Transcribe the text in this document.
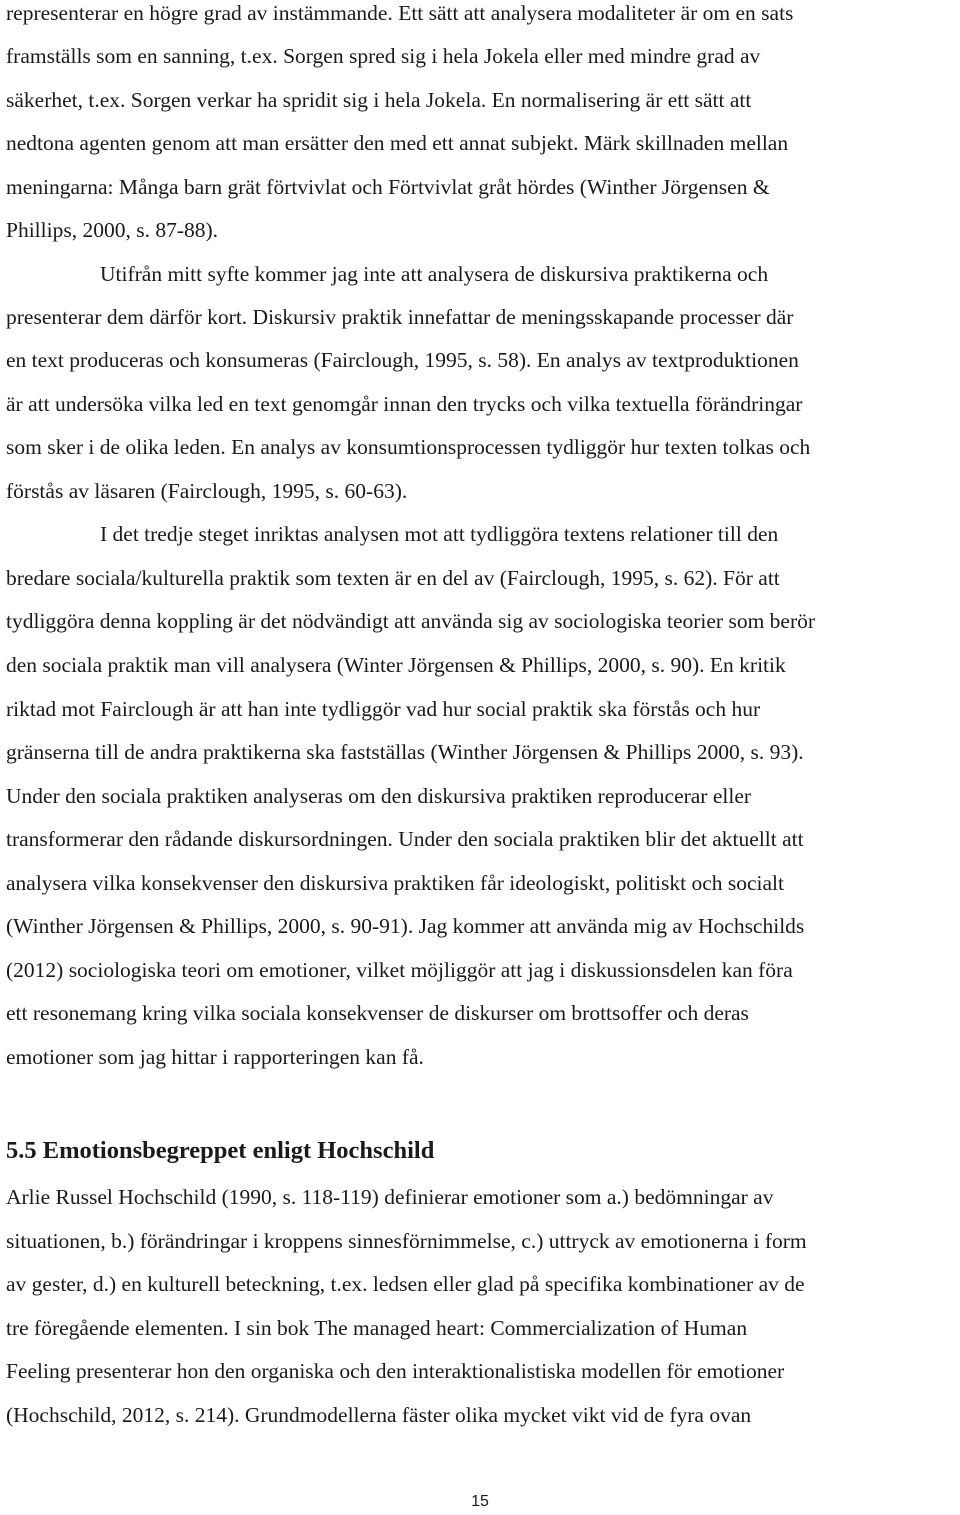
representerar en högre grad av instämmande. Ett sätt att analysera modaliteter är om en sats
framställs som en sanning, t.ex. Sorgen spred sig i hela Jokela eller med mindre grad av
säkerhet, t.ex. Sorgen verkar ha spridit sig i hela Jokela. En normalisering är ett sätt att
nedtona agenten genom att man ersätter den med ett annat subjekt. Märk skillnaden mellan
meningarna: Många barn grät förtvivlat och Förtvivlat gråt hördes (Winther Jörgensen &
Phillips, 2000, s. 87-88).
Utifrån mitt syfte kommer jag inte att analysera de diskursiva praktikerna och
presenterar dem därför kort. Diskursiv praktik innefattar de meningsskapande processer där
en text produceras och konsumeras (Fairclough, 1995, s. 58). En analys av textproduktionen
är att undersöka vilka led en text genomgår innan den trycks och vilka textuella förändringar
som sker i de olika leden. En analys av konsumtionsprocessen tydliggör hur texten tolkas och
förstås av läsaren (Fairclough, 1995, s. 60-63).
I det tredje steget inriktas analysen mot att tydliggöra textens relationer till den
bredare sociala/kulturella praktik som texten är en del av (Fairclough, 1995, s. 62). För att
tydliggöra denna koppling är det nödvändigt att använda sig av sociologiska teorier som berör
den sociala praktik man vill analysera (Winter Jörgensen & Phillips, 2000, s. 90). En kritik
riktad mot Fairclough är att han inte tydliggör vad hur social praktik ska förstås och hur
gränserna till de andra praktikerna ska fastställas (Winther Jörgensen & Phillips 2000, s. 93).
Under den sociala praktiken analyseras om den diskursiva praktiken reproducerar eller
transformerar den rådande diskursordningen. Under den sociala praktiken blir det aktuellt att
analysera vilka konsekvenser den diskursiva praktiken får ideologiskt, politiskt och socialt
(Winther Jörgensen & Phillips, 2000, s. 90-91). Jag kommer att använda mig av Hochschilds
(2012) sociologiska teori om emotioner, vilket möjliggör att jag i diskussionsdelen kan föra
ett resonemang kring vilka sociala konsekvenser de diskurser om brottsoffer och deras
emotioner som jag hittar i rapporteringen kan få.
5.5 Emotionsbegreppet enligt Hochschild
Arlie Russel Hochschild (1990, s. 118-119) definierar emotioner som a.) bedömningar av
situationen, b.) förändringar i kroppens sinnesförnimmelse, c.) uttryck av emotionerna i form
av gester, d.) en kulturell beteckning, t.ex. ledsen eller glad på specifika kombinationer av de
tre föregående elementen. I sin bok The managed heart: Commercialization of Human
Feeling presenterar hon den organiska och den interaktionalistiska modellen för emotioner
(Hochschild, 2012, s. 214). Grundmodellerna fäster olika mycket vikt vid de fyra ovan
15
